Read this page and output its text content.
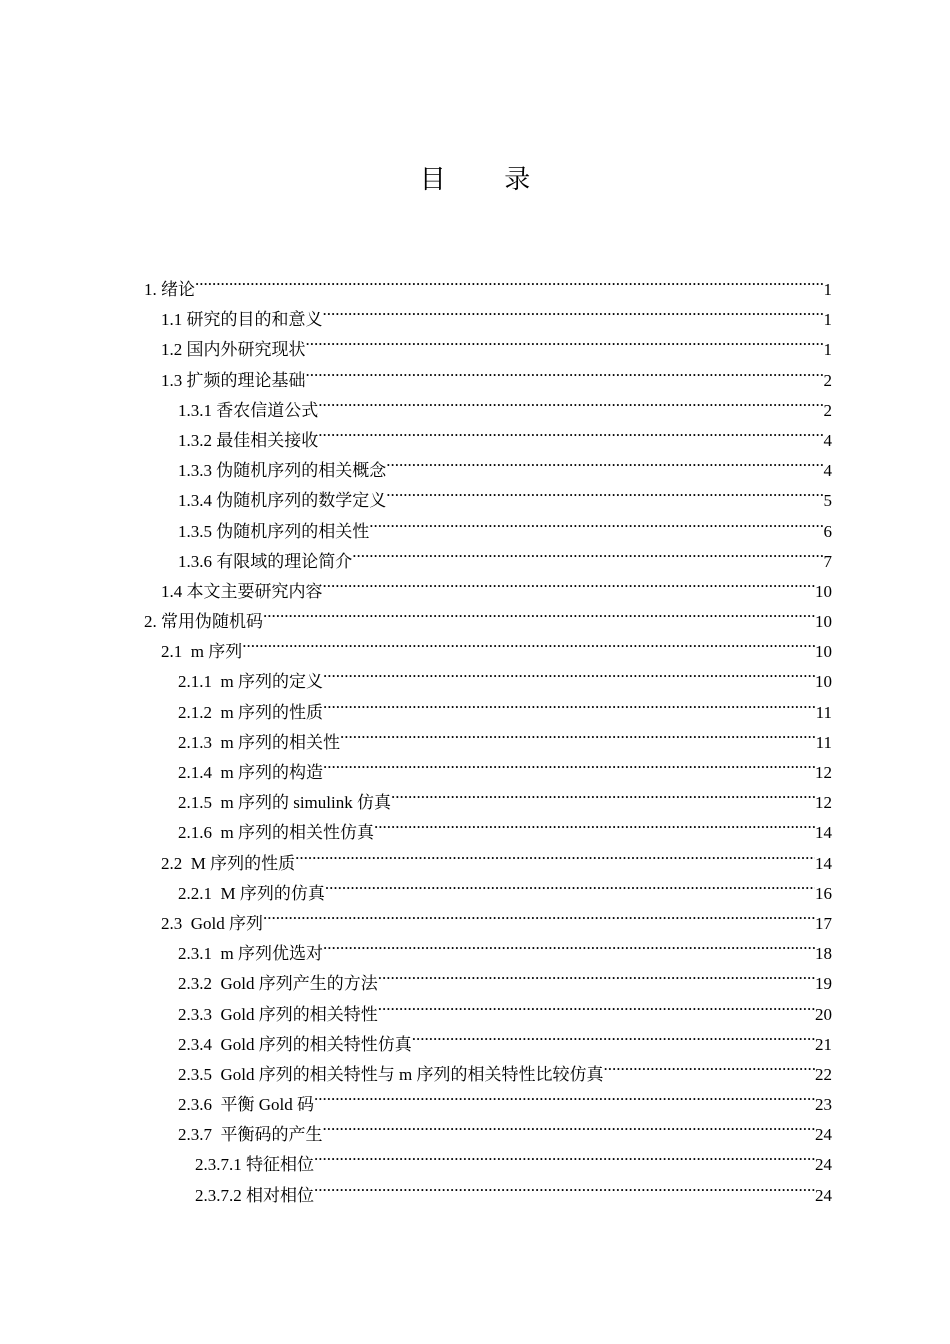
目 录
1. 绪论 .....	1
1.1 研究的目的和意义 .....	1
1.2 国内外研究现状 .....	1
1.3 扩频的理论基础 .....	2
1.3.1 香农信道公式 .....	2
1.3.2 最佳相关接收 .....	4
1.3.3 伪随机序列的相关概念 .....	4
1.3.4 伪随机序列的数学定义 .....	5
1.3.5 伪随机序列的相关性 .....	6
1.3.6 有限域的理论简介 .....	7
1.4 本文主要研究内容 .....	10
2. 常用伪随机码 .....	10
2.1  m 序列 .....	10
2.1.1  m 序列的定义 .....	10
2.1.2  m 序列的性质 .....	11
2.1.3  m 序列的相关性 .....	11
2.1.4  m 序列的构造 .....	12
2.1.5  m 序列的 simulink 仿真 .....	12
2.1.6  m 序列的相关性仿真 .....	14
2.2  M 序列的性质 .....	14
2.2.1  M 序列的仿真 .....	16
2.3  Gold 序列 .....	17
2.3.1  m 序列优选对 .....	18
2.3.2  Gold 序列产生的方法 .....	19
2.3.3  Gold 序列的相关特性 .....	20
2.3.4  Gold 序列的相关特性仿真 .....	21
2.3.5  Gold 序列的相关特性与 m 序列的相关特性比较仿真 .....	22
2.3.6  平衡 Gold 码 .....	23
2.3.7  平衡码的产生 .....	24
2.3.7.1 特征相位 .....	24
2.3.7.2 相对相位 .....	24
